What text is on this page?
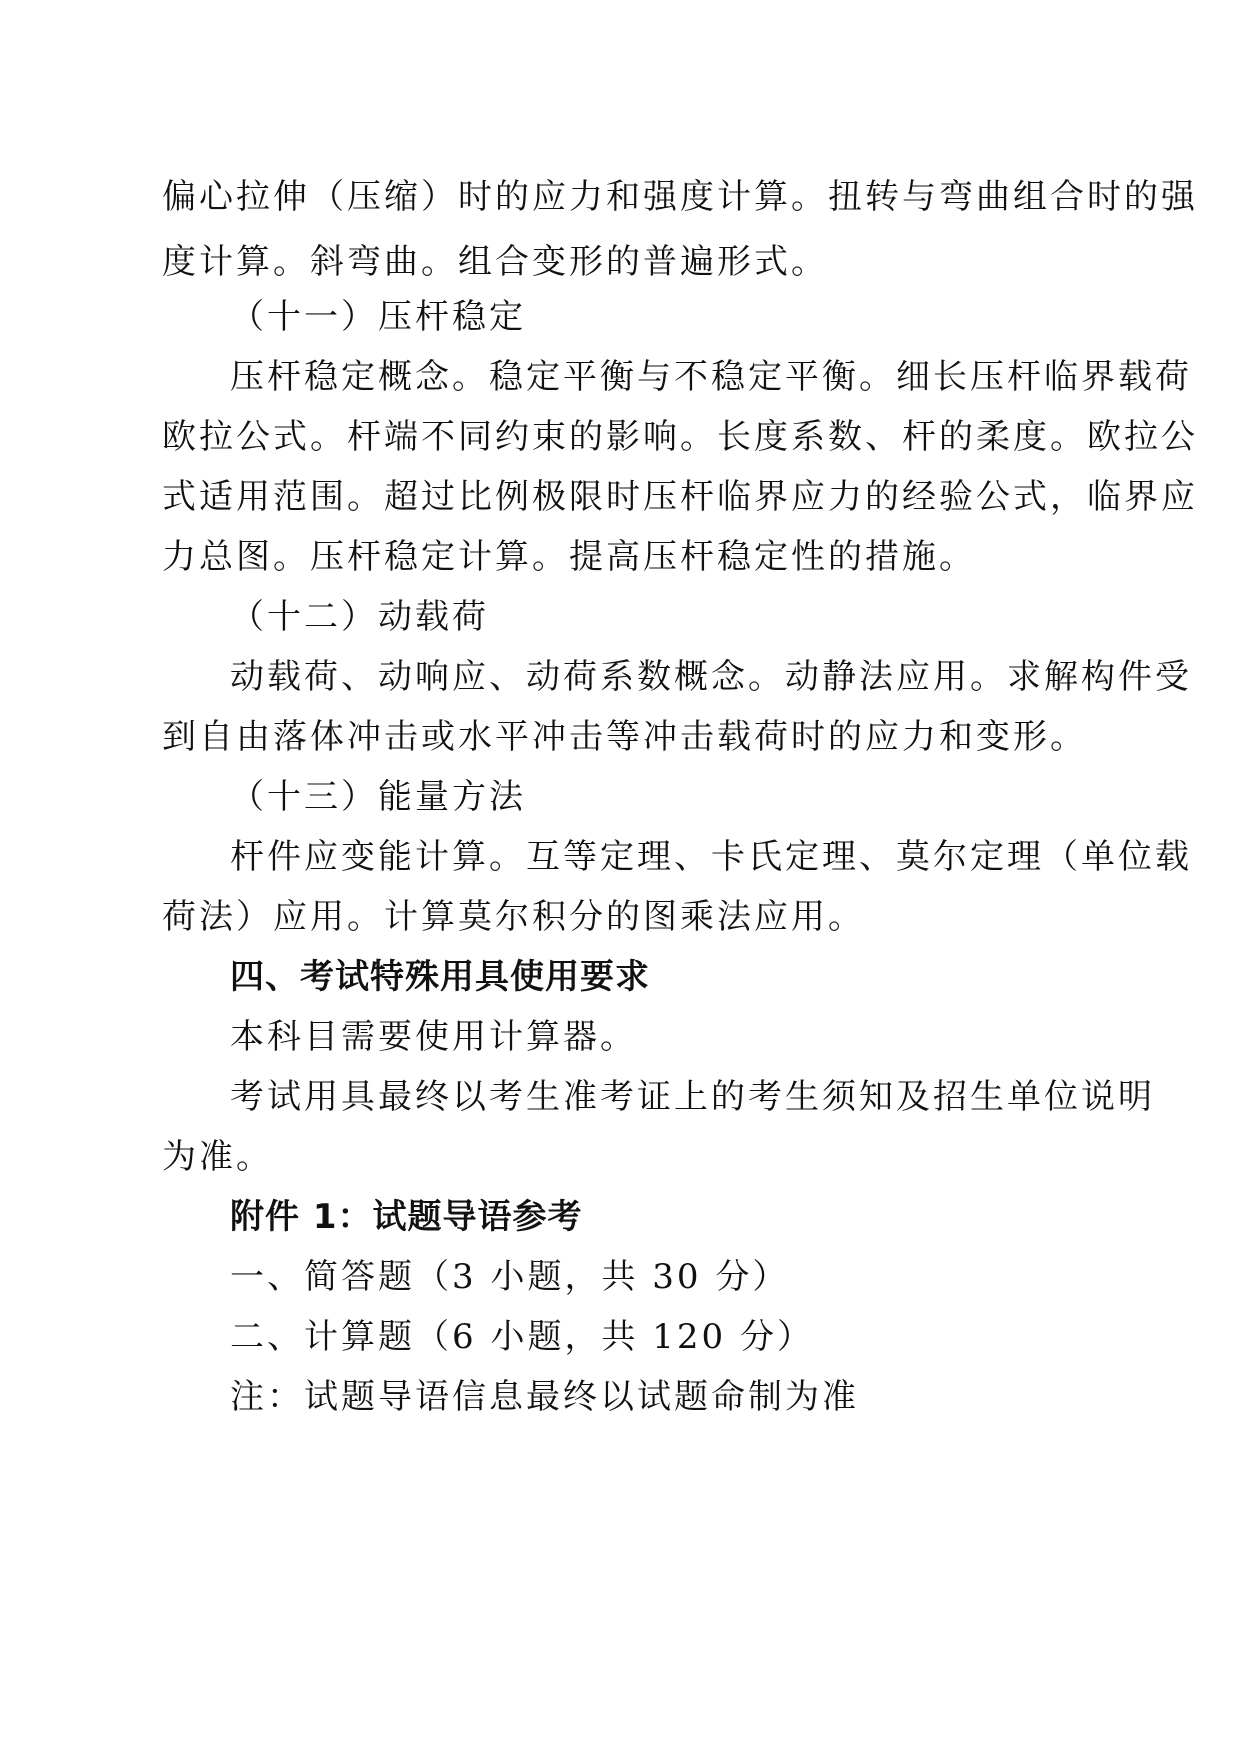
偏心拉伸（压缩）时的应力和强度计算。扭转与弯曲组合时的强
度计算。斜弯曲。组合变形的普遍形式。
（十一）压杆稳定
压杆稳定概念。稳定平衡与不稳定平衡。细长压杆临界载荷
欧拉公式。杆端不同约束的影响。长度系数、杆的柔度。欧拉公
式适用范围。超过比例极限时压杆临界应力的经验公式，临界应
力总图。压杆稳定计算。提高压杆稳定性的措施。
（十二）动载荷
动载荷、动响应、动荷系数概念。动静法应用。求解构件受
到自由落体冲击或水平冲击等冲击载荷时的应力和变形。
（十三）能量方法
杆件应变能计算。互等定理、卡氏定理、莫尔定理（单位载
荷法）应用。计算莫尔积分的图乘法应用。
四、考试特殊用具使用要求
本科目需要使用计算器。
考试用具最终以考生准考证上的考生须知及招生单位说明
为准。
附件 1：试题导语参考
一、简答题（3 小题，共 30 分）
二、计算题（6 小题，共 120 分）
注：试题导语信息最终以试题命制为准
